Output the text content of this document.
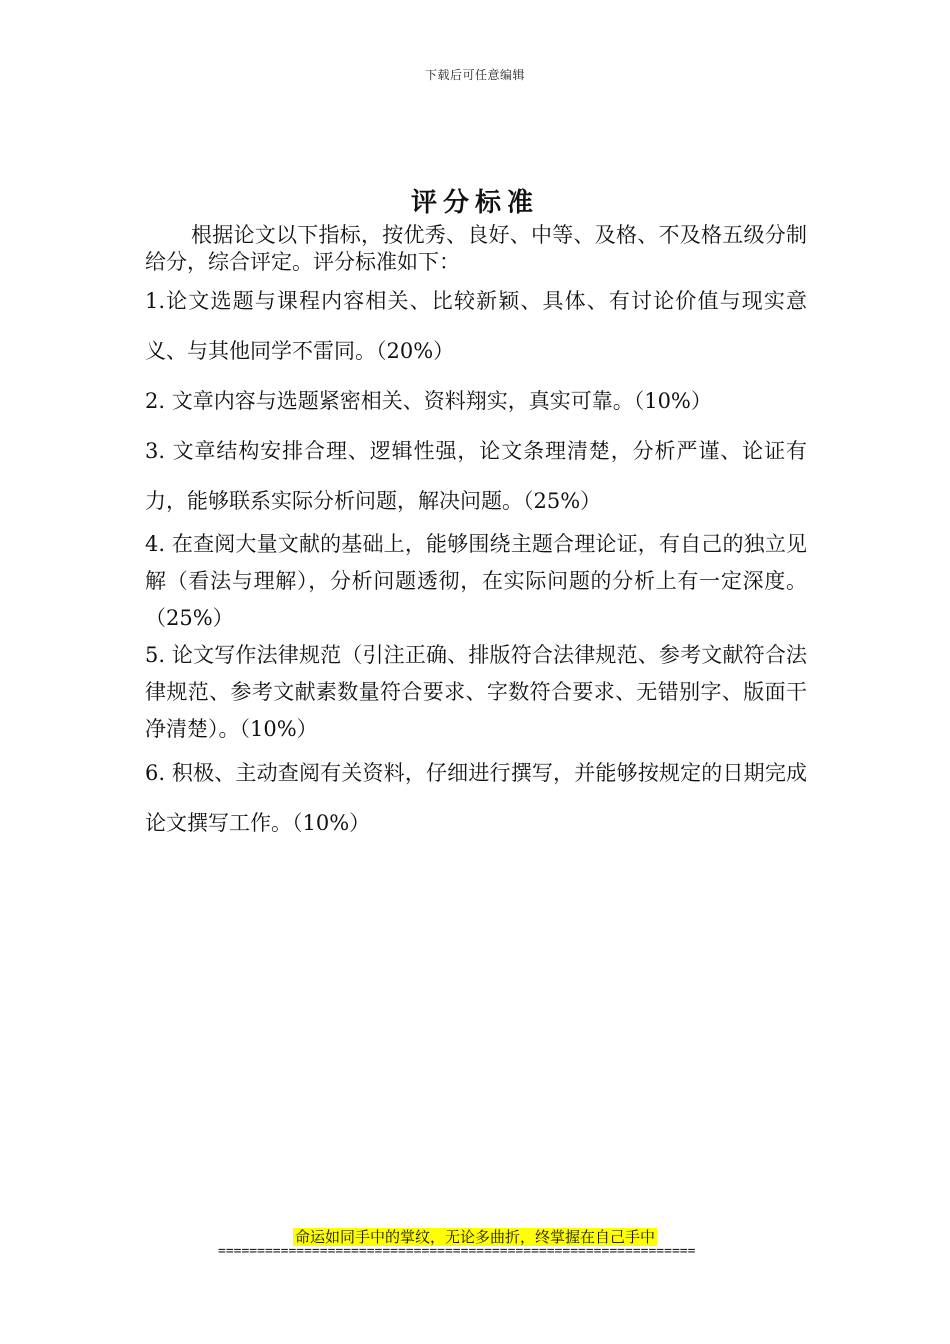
下载后可任意编辑
评分标准

根据论文以下指标，按优秀、良好、中等、及格、不及格五级分制给分，综合评定。评分标准如下：

1.论文选题与课程内容相关、比较新颖、具体、有讨论价值与现实意义、与其他同学不雷同。（20%）

2. 文章内容与选题紧密相关、资料翔实，真实可靠。（10%）

3. 文章结构安排合理、逻辑性强，论文条理清楚，分析严谨、论证有力，能够联系实际分析问题，解决问题。（25%）

4. 在查阅大量文献的基础上，能够围绕主题合理论证，有自己的独立见解（看法与理解），分析问题透彻，在实际问题的分析上有一定深度。（25%）

5. 论文写作法律规范（引注正确、排版符合法律规范、参考文献符合法律规范、参考文献素数量符合要求、字数符合要求、无错别字、版面干净清楚）。（10%）

6. 积极、主动查阅有关资料，仔细进行撰写，并能够按规定的日期完成论文撰写工作。（10%）

命运如同手中的掌纹，无论多曲折，终掌握在自己手中
=============================================================
